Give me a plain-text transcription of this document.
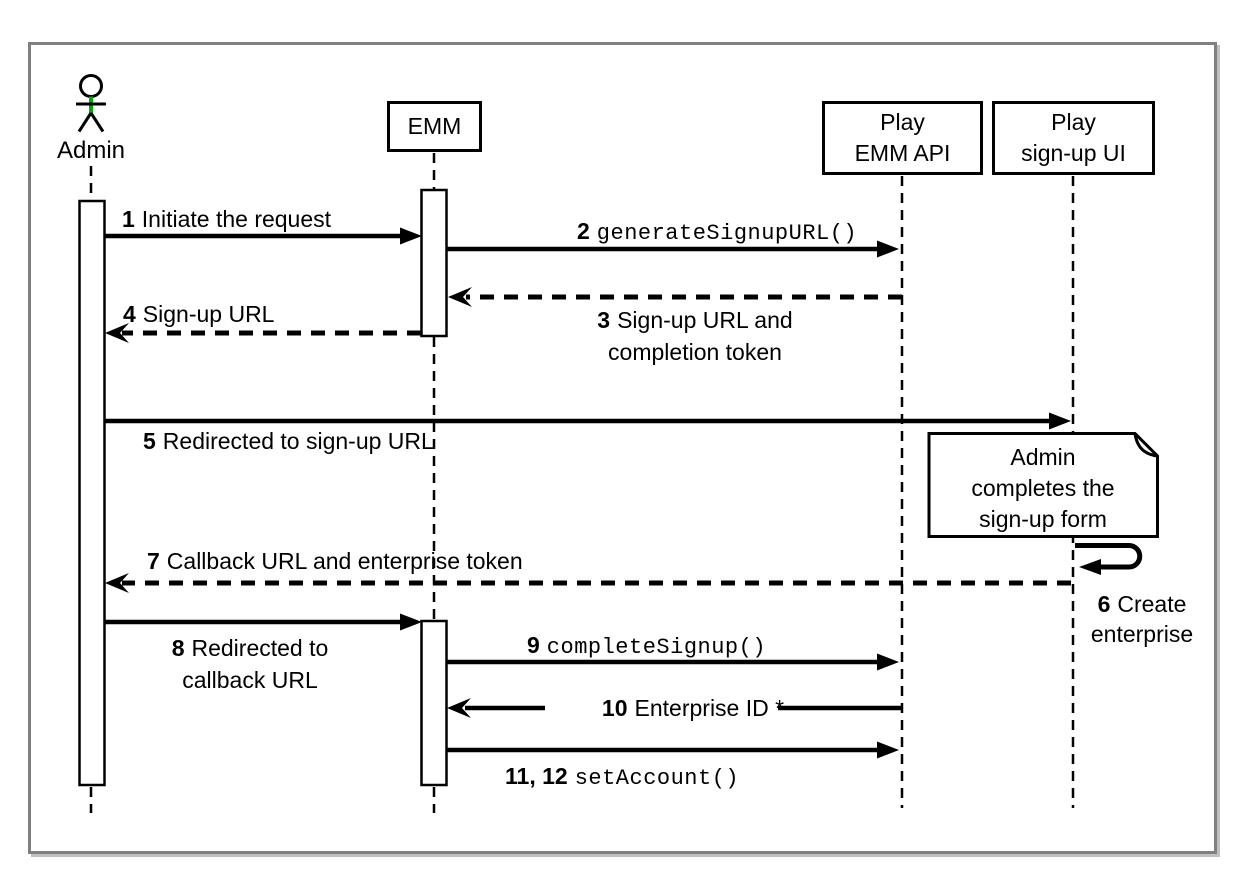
EMM	Play
EMM API
Play
sign-up UI
Admin
1 Initiate the request	2 generateSignupURL()
3 Sign-up URL and
completion token
4 Sign-up URL
5 Redirected to sign-up URL
6 Create
enterprise
7 Callback URL and enterprise token
8 Redirected to
callback URL
9 completeSignup()
10 Enterprise ID *
11, 12 setAccount()
Admin
completes the
sign-up form
